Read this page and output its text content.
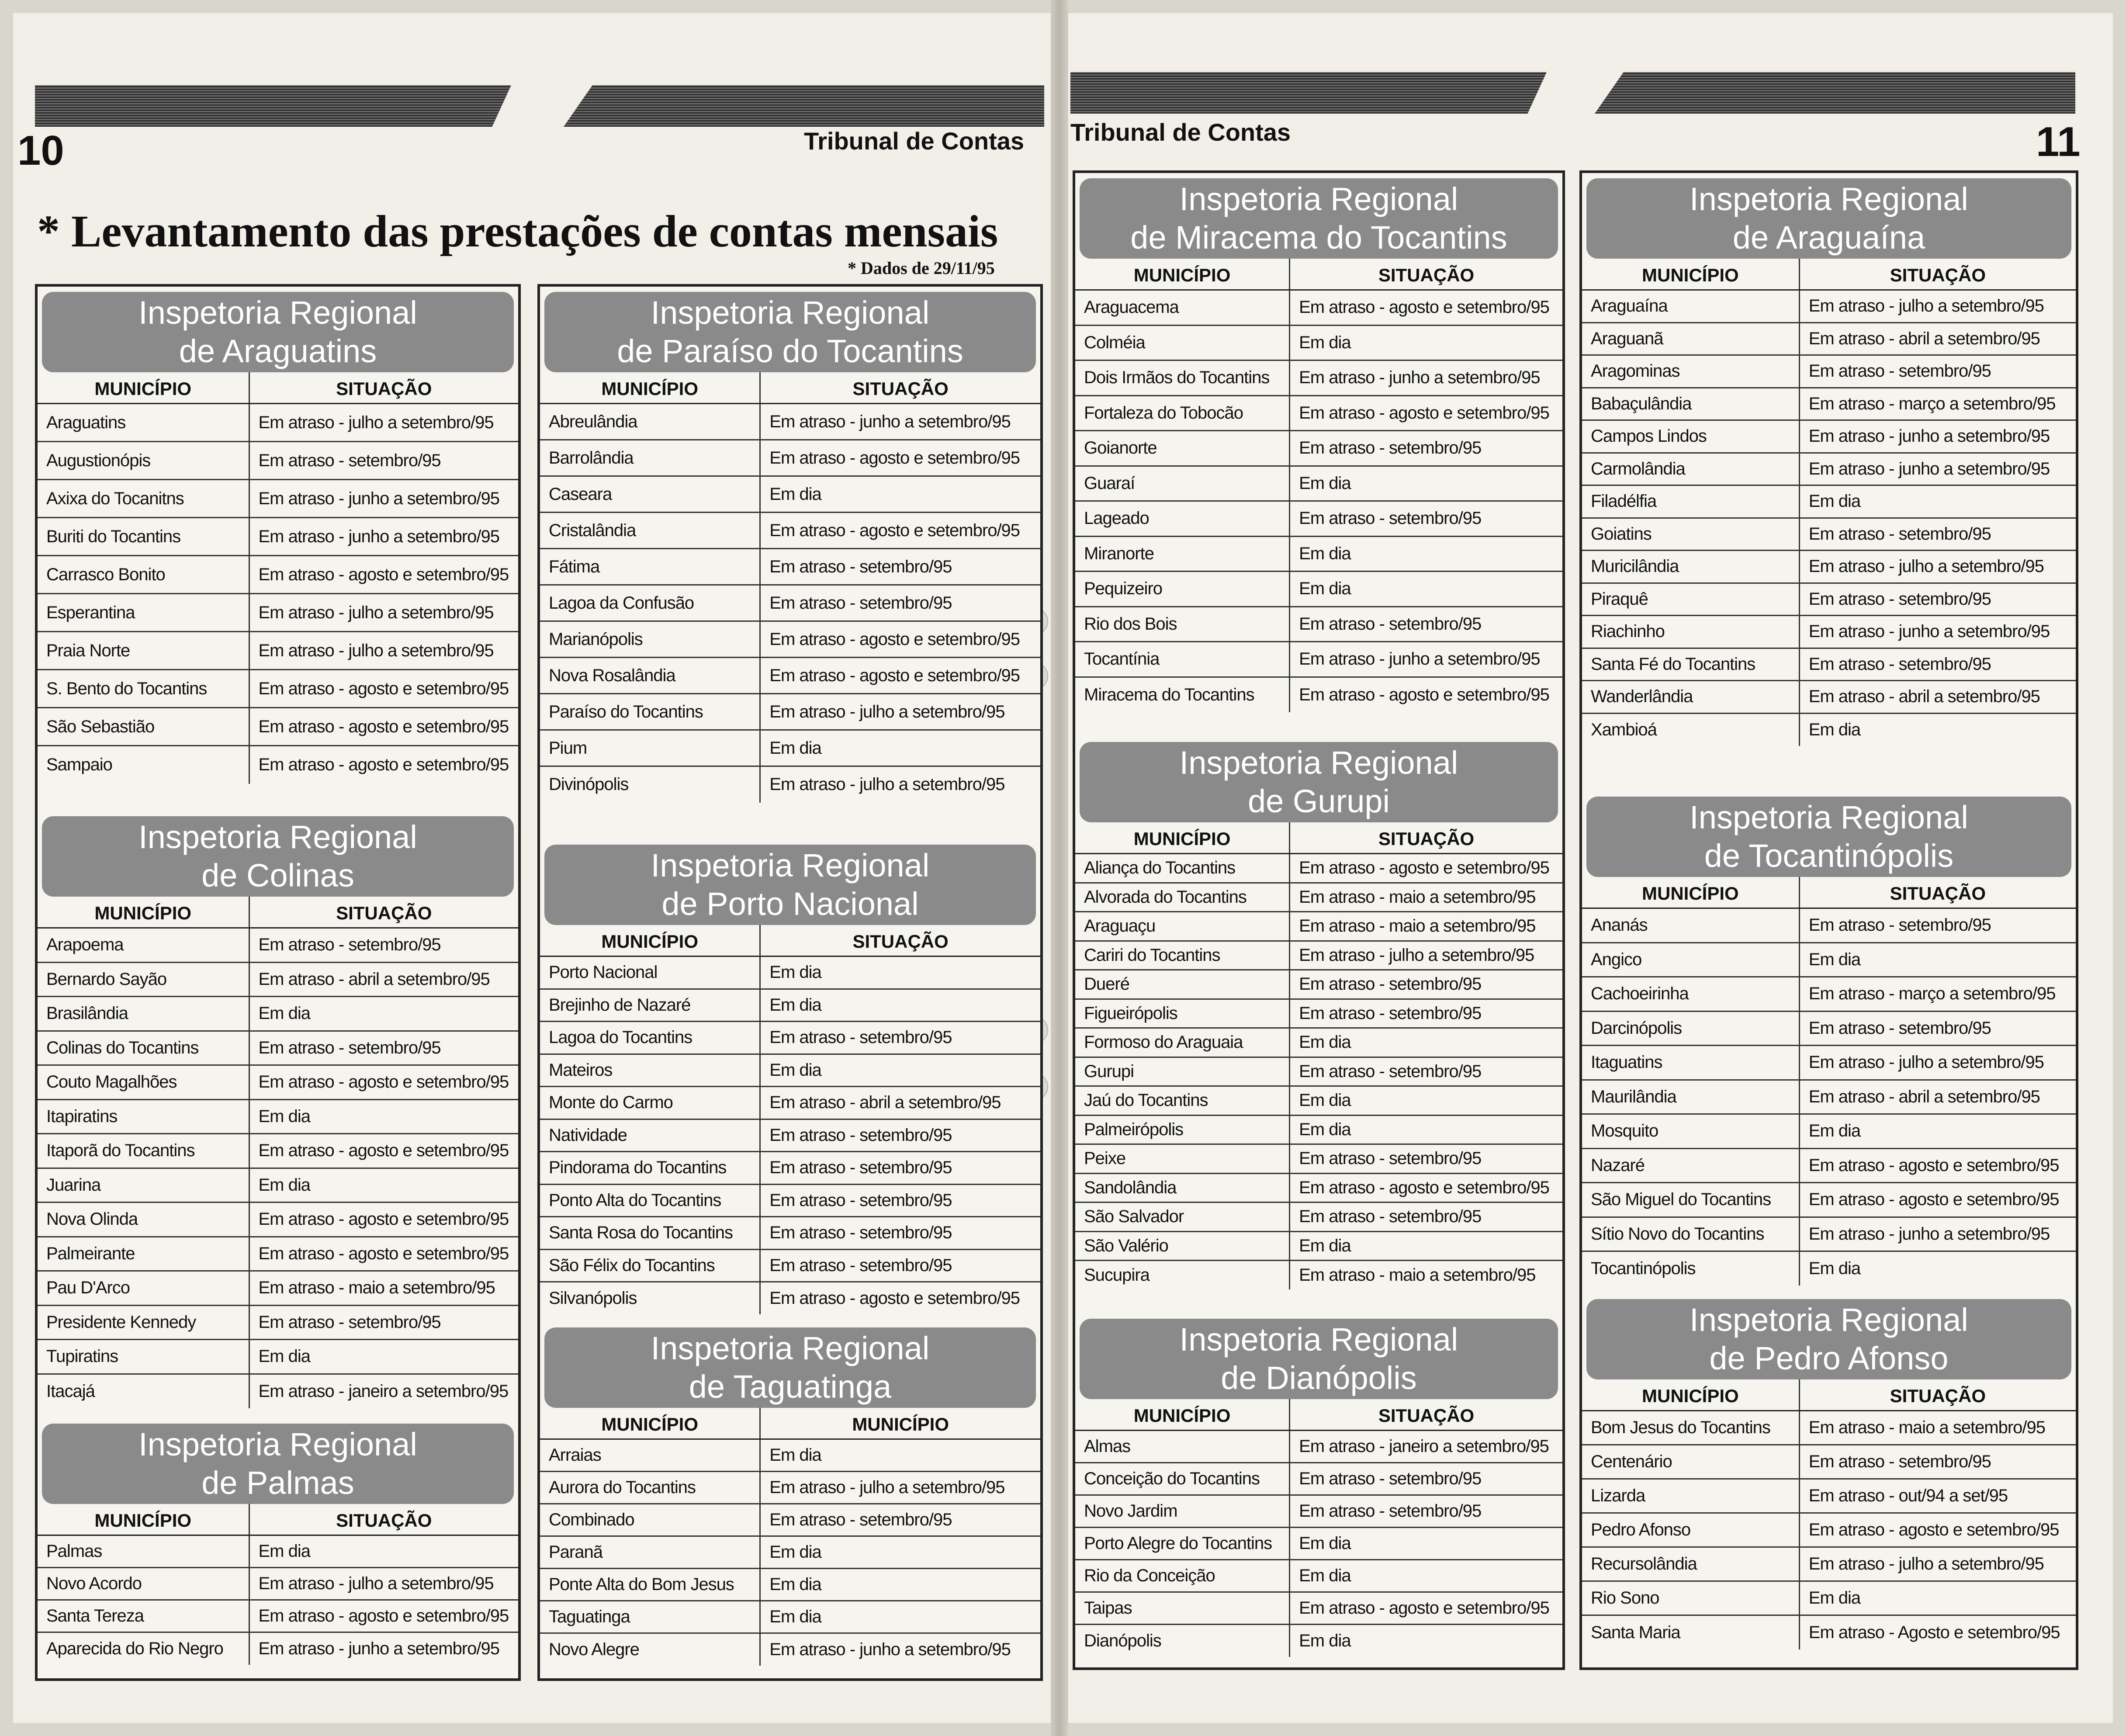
10	Tribunal de Contas
* Levantamento das prestações de contas mensais
* Dados de 29/11/95
Tribunal de Contas	11
Inspetoria Regional
de Araguatins
MUNICÍPIO	SITUAÇÃO
Araguatins	Em atraso - julho a setembro/95
Augustionópis	Em atraso - setembro/95
Axixa do Tocanitns	Em atraso - junho a setembro/95
Buriti do Tocantins	Em atraso - junho a setembro/95
Carrasco Bonito	Em atraso - agosto e setembro/95
Esperantina	Em atraso - julho a setembro/95
Praia Norte	Em atraso - julho a setembro/95
S. Bento do Tocantins	Em atraso - agosto e setembro/95
São Sebastião	Em atraso - agosto e setembro/95
Sampaio	Em atraso - agosto e setembro/95
Inspetoria Regional
de Colinas
MUNICÍPIO	SITUAÇÃO
Arapoema	Em atraso - setembro/95
Bernardo Sayão	Em atraso - abril a setembro/95
Brasilândia	Em dia
Colinas do Tocantins	Em atraso - setembro/95
Couto Magalhões	Em atraso - agosto e setembro/95
Itapiratins	Em dia
Itaporã do Tocantins	Em atraso - agosto e setembro/95
Juarina	Em dia
Nova Olinda	Em atraso - agosto e setembro/95
Palmeirante	Em atraso - agosto e setembro/95
Pau D'Arco	Em atraso - maio a setembro/95
Presidente Kennedy	Em atraso - setembro/95
Tupiratins	Em dia
Itacajá	Em atraso - janeiro a setembro/95
Inspetoria Regional
de Palmas
MUNICÍPIO	SITUAÇÃO
Palmas	Em dia
Novo Acordo	Em atraso - julho a setembro/95
Santa Tereza	Em atraso - agosto e setembro/95
Aparecida do Rio Negro	Em atraso - junho a setembro/95
Inspetoria Regional
de Paraíso do Tocantins
MUNICÍPIO	SITUAÇÃO
Abreulândia	Em atraso - junho a setembro/95
Barrolândia	Em atraso - agosto e setembro/95
Caseara	Em dia
Cristalândia	Em atraso - agosto e setembro/95
Fátima	Em atraso - setembro/95
Lagoa da Confusão	Em atraso - setembro/95
Marianópolis	Em atraso - agosto e setembro/95
Nova Rosalândia	Em atraso - agosto e setembro/95
Paraíso do Tocantins	Em atraso - julho a setembro/95
Pium	Em dia
Divinópolis	Em atraso - julho a setembro/95
Inspetoria Regional
de Porto Nacional
MUNICÍPIO	SITUAÇÃO
Porto Nacional	Em dia
Brejinho de Nazaré	Em dia
Lagoa do Tocantins	Em atraso - setembro/95
Mateiros	Em dia
Monte do Carmo	Em atraso - abril a setembro/95
Natividade	Em atraso - setembro/95
Pindorama do Tocantins	Em atraso - setembro/95
Ponto Alta do Tocantins	Em atraso - setembro/95
Santa Rosa do Tocantins	Em atraso - setembro/95
São Félix do Tocantins	Em atraso - setembro/95
Silvanópolis	Em atraso - agosto e setembro/95
Inspetoria Regional
de Taguatinga
MUNICÍPIO	MUNICÍPIO
Arraias	Em dia
Aurora do Tocantins	Em atraso - julho a setembro/95
Combinado	Em atraso - setembro/95
Paranã	Em dia
Ponte Alta do Bom Jesus	Em dia
Taguatinga	Em dia
Novo Alegre	Em atraso - junho a setembro/95
Inspetoria Regional
de Miracema do Tocantins
MUNICÍPIO	SITUAÇÃO
Araguacema	Em atraso - agosto e setembro/95
Colméia	Em dia
Dois Irmãos do Tocantins	Em atraso - junho a setembro/95
Fortaleza do Tobocão	Em atraso - agosto e setembro/95
Goianorte	Em atraso - setembro/95
Guaraí	Em dia
Lageado	Em atraso - setembro/95
Miranorte	Em dia
Pequizeiro	Em dia
Rio dos Bois	Em atraso - setembro/95
Tocantínia	Em atraso - junho a setembro/95
Miracema do Tocantins	Em atraso - agosto e setembro/95
Inspetoria Regional
de Gurupi
MUNICÍPIO	SITUAÇÃO
Aliança do Tocantins	Em atraso - agosto e setembro/95
Alvorada do Tocantins	Em atraso - maio a setembro/95
Araguaçu	Em atraso - maio a setembro/95
Cariri do Tocantins	Em atraso - julho a setembro/95
Dueré	Em atraso - setembro/95
Figueirópolis	Em atraso - setembro/95
Formoso do Araguaia	Em dia
Gurupi	Em atraso - setembro/95
Jaú do Tocantins	Em dia
Palmeirópolis	Em dia
Peixe	Em atraso - setembro/95
Sandolândia	Em atraso - agosto e setembro/95
São Salvador	Em atraso - setembro/95
São Valério	Em dia
Sucupira	Em atraso - maio a setembro/95
Inspetoria Regional
de Dianópolis
MUNICÍPIO	SITUAÇÃO
Almas	Em atraso - janeiro a setembro/95
Conceição do Tocantins	Em atraso - setembro/95
Novo Jardim	Em atraso - setembro/95
Porto Alegre do Tocantins	Em dia
Rio da Conceição	Em dia
Taipas	Em atraso - agosto e setembro/95
Dianópolis	Em dia
Inspetoria Regional
de Araguaína
MUNICÍPIO	SITUAÇÃO
Araguaína	Em atraso - julho a setembro/95
Araguanã	Em atraso - abril a setembro/95
Aragominas	Em atraso - setembro/95
Babaçulândia	Em atraso - março a setembro/95
Campos Lindos	Em atraso - junho a setembro/95
Carmolândia	Em atraso - junho a setembro/95
Filadélfia	Em dia
Goiatins	Em atraso - setembro/95
Muricilândia	Em atraso - julho a setembro/95
Piraquê	Em atraso - setembro/95
Riachinho	Em atraso - junho a setembro/95
Santa Fé do Tocantins	Em atraso - setembro/95
Wanderlândia	Em atraso - abril a setembro/95
Xambioá	Em dia
Inspetoria Regional
de Tocantinópolis
MUNICÍPIO	SITUAÇÃO
Ananás	Em atraso - setembro/95
Angico	Em dia
Cachoeirinha	Em atraso - março a setembro/95
Darcinópolis	Em atraso - setembro/95
Itaguatins	Em atraso - julho a setembro/95
Maurilândia	Em atraso - abril a setembro/95
Mosquito	Em dia
Nazaré	Em atraso - agosto e setembro/95
São Miguel do Tocantins	Em atraso - agosto e setembro/95
Sítio Novo do Tocantins	Em atraso - junho a setembro/95
Tocantinópolis	Em dia
Inspetoria Regional
de Pedro Afonso
MUNICÍPIO	SITUAÇÃO
Bom Jesus do Tocantins	Em atraso - maio a setembro/95
Centenário	Em atraso - setembro/95
Lizarda	Em atraso - out/94 a set/95
Pedro Afonso	Em atraso - agosto e setembro/95
Recursolândia	Em atraso - julho a setembro/95
Rio Sono	Em dia
Santa Maria	Em atraso - Agosto e setembro/95
